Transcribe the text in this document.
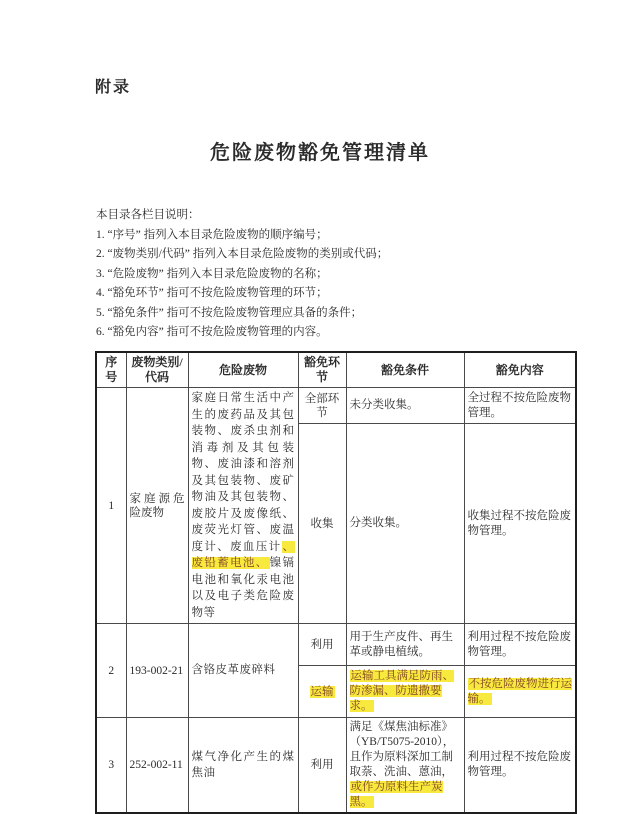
附录
危险废物豁免管理清单
本目录各栏目说明：
1. “序号” 指列入本目录危险废物的顺序编号；
2. “废物类别/代码” 指列入本目录危险废物的类别或代码；
3. “危险废物” 指列入本目录危险废物的名称；
4. “豁免环节” 指可不按危险废物管理的环节；
5. “豁免条件” 指可不按危险废物管理应具备的条件；
6. “豁免内容” 指可不按危险废物管理的内容。
序号	废物类别/代码	危险废物	豁免环节	豁免条件	豁免内容
1	家庭源危险废物	家庭日常生活中产生的废药品及其包装物、废杀虫剂和消毒剂及其包装物、废油漆和溶剂及其包装物、废矿物油及其包装物、废胶片及废像纸、废荧光灯管、废温度计、废血压计、废铅蓄电池、镍镉电池和氧化汞电池以及电子类危险废物等	全部环节	未分类收集。	全过程不按危险废物管理。
			收集	分类收集。	收集过程不按危险废物管理。
2	193-002-21	含铬皮革废碎料	利用	用于生产皮件、再生革或静电植绒。	利用过程不按危险废物管理。
			运输	运输工具满足防雨、防渗漏、防遗撒要求。	不按危险废物进行运输。
3	252-002-11	煤气净化产生的煤焦油	利用	满足《煤焦油标准》（YB/T5075-2010），且作为原料深加工制取萘、洗油、蒽油，或作为原料生产炭黑。	利用过程不按危险废物管理。
